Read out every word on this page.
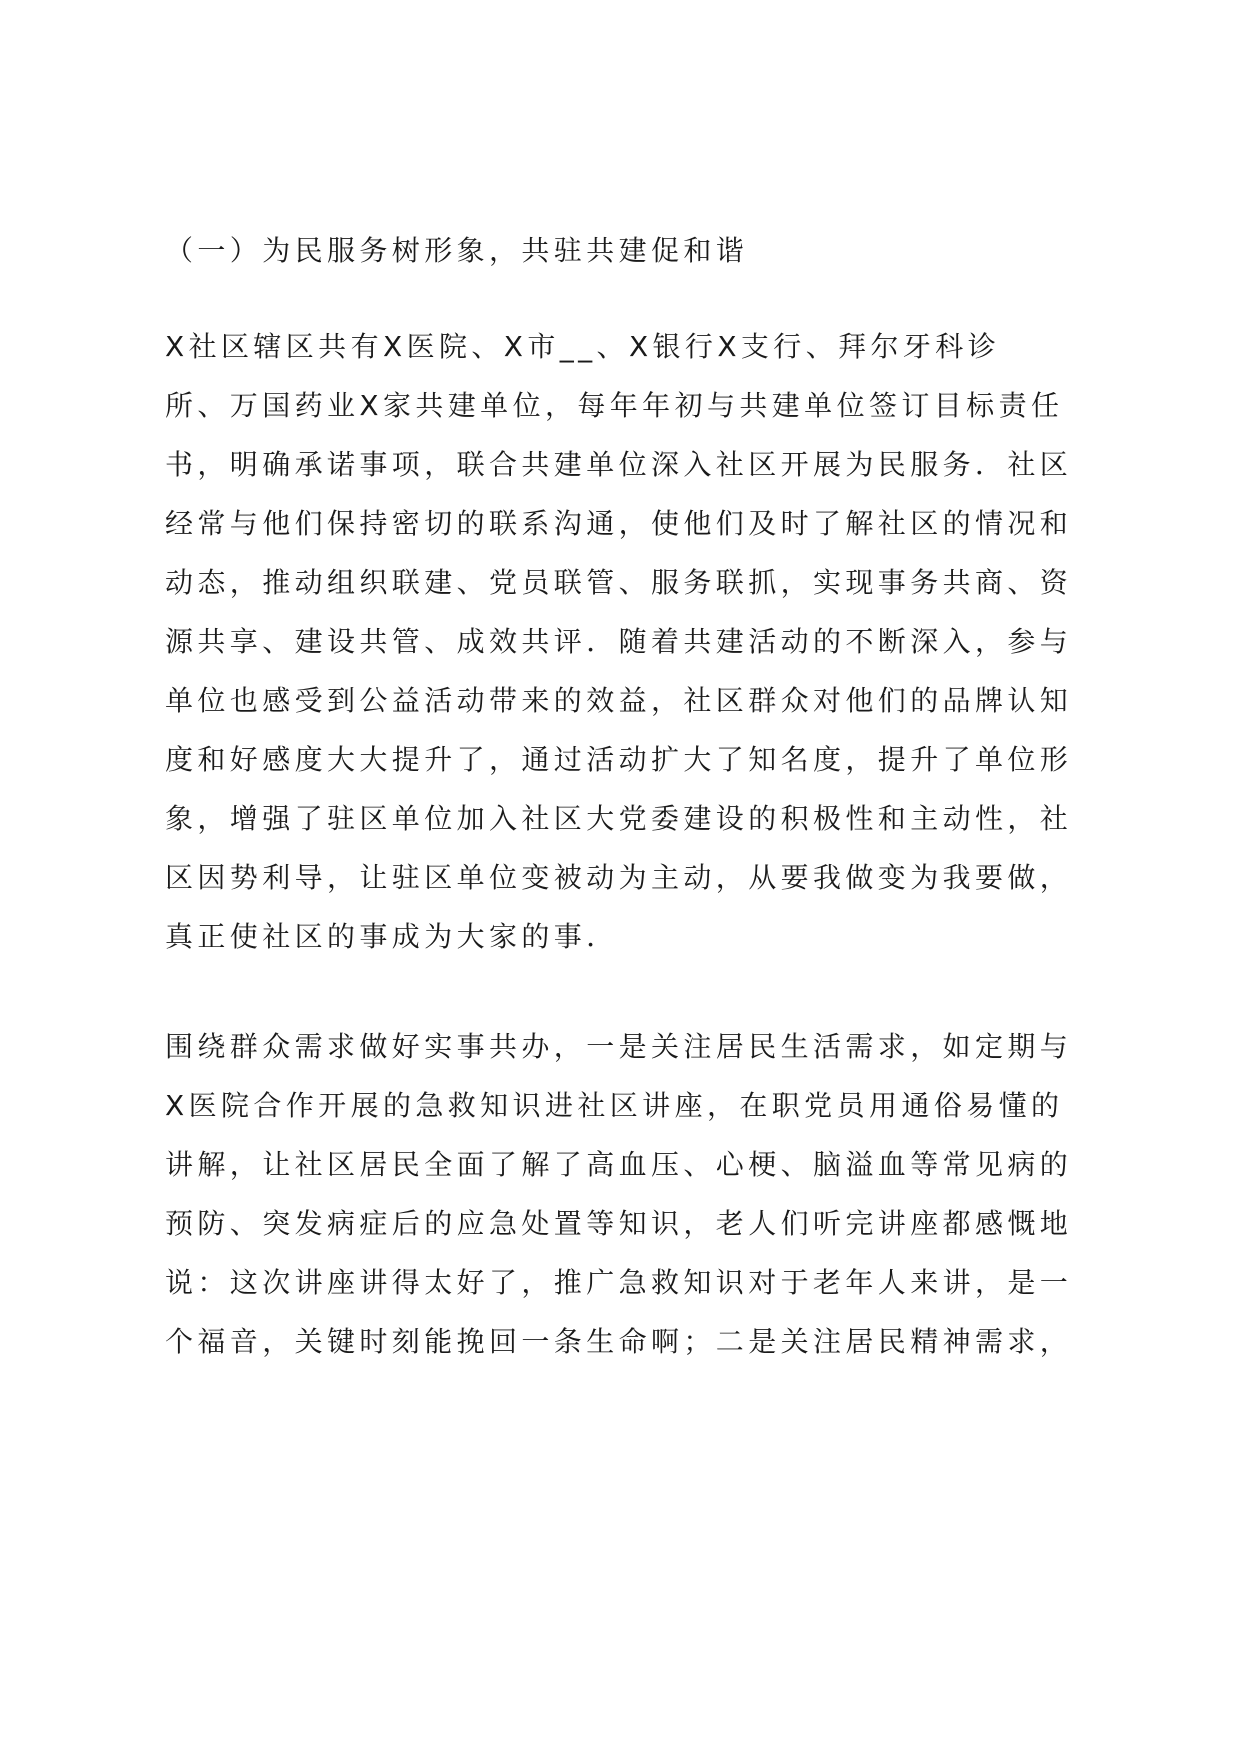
（一）为民服务树形象，共驻共建促和谐
X社区辖区共有X医院、X市__、X银行X支行、拜尔牙科诊
所、万国药业X家共建单位，每年年初与共建单位签订目标责任
书，明确承诺事项，联合共建单位深入社区开展为民服务．社区
经常与他们保持密切的联系沟通，使他们及时了解社区的情况和
动态，推动组织联建、党员联管、服务联抓，实现事务共商、资
源共享、建设共管、成效共评．随着共建活动的不断深入，参与
单位也感受到公益活动带来的效益，社区群众对他们的品牌认知
度和好感度大大提升了，通过活动扩大了知名度，提升了单位形
象，增强了驻区单位加入社区大党委建设的积极性和主动性，社
区因势利导，让驻区单位变被动为主动，从要我做变为我要做，
真正使社区的事成为大家的事．
围绕群众需求做好实事共办，一是关注居民生活需求，如定期与
X医院合作开展的急救知识进社区讲座，在职党员用通俗易懂的
讲解，让社区居民全面了解了高血压、心梗、脑溢血等常见病的
预防、突发病症后的应急处置等知识，老人们听完讲座都感慨地
说：这次讲座讲得太好了，推广急救知识对于老年人来讲，是一
个福音，关键时刻能挽回一条生命啊；二是关注居民精神需求，
